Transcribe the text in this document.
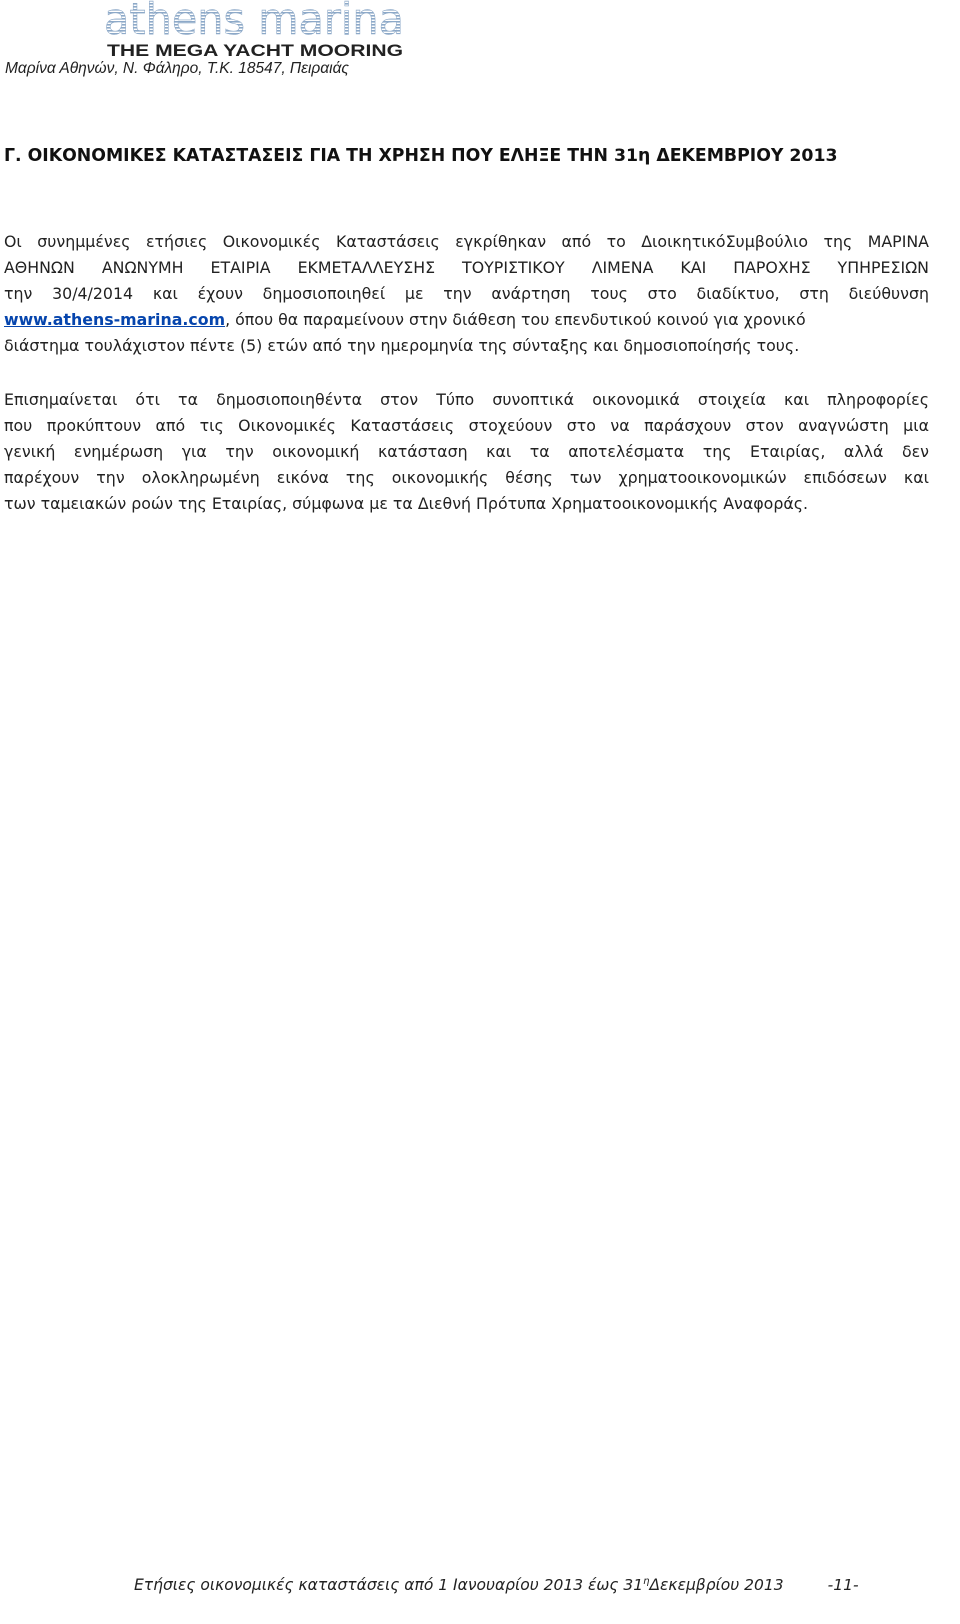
athens marina
THE MEGA YACHT MOORING
Μαρίνα Αθηνών, Ν. Φάληρο, Τ.Κ. 18547, Πειραιάς
Γ. ΟΙΚΟΝΟΜΙΚΕΣ ΚΑΤΑΣΤΑΣΕΙΣ ΓΙΑ ΤΗ ΧΡΗΣΗ ΠΟΥ ΕΛΗΞΕ ΤΗΝ 31η ΔΕΚΕΜΒΡΙΟΥ 2013
Οι συνημμένες ετήσιες Οικονομικές Καταστάσεις εγκρίθηκαν από το ΔιοικητικόΣυμβούλιο της ΜΑΡΙΝΑ
ΑΘΗΝΩΝ ΑΝΩΝΥΜΗ ΕΤΑΙΡΙΑ ΕΚΜΕΤΑΛΛΕΥΣΗΣ ΤΟΥΡΙΣΤΙΚΟΥ ΛΙΜΕΝΑ ΚΑΙ ΠΑΡΟΧΗΣ ΥΠΗΡΕΣΙΩΝ
την 30/4/2014 και έχουν δημοσιοποιηθεί με την ανάρτηση τους στο διαδίκτυο, στη διεύθυνση
www.athens-marina.com, όπου θα παραμείνουν στην διάθεση του επενδυτικού κοινού για χρονικό
διάστημα τουλάχιστον πέντε (5) ετών από την ημερομηνία της σύνταξης και δημοσιοποίησής τους.
Επισημαίνεται ότι τα δημοσιοποιηθέντα στον Τύπο συνοπτικά οικονομικά στοιχεία και πληροφορίες
που προκύπτουν από τις Οικονομικές Καταστάσεις στοχεύουν στο να παράσχουν στον αναγνώστη μια
γενική ενημέρωση για την οικονομική κατάσταση και τα αποτελέσματα της Εταιρίας, αλλά δεν
παρέχουν την ολοκληρωμένη εικόνα της οικονομικής θέσης των χρηματοοικονομικών επιδόσεων και
των ταμειακών ροών της Εταιρίας, σύμφωνα με τα Διεθνή Πρότυπα Χρηματοοικονομικής Αναφοράς.
Ετήσιες οικονομικές καταστάσεις από 1 Ιανουαρίου 2013 έως $31^\eta\Delta\varepsilon\kappa\varepsilon\mu\beta\rho ίo\upsilon$ 2013	-11-
